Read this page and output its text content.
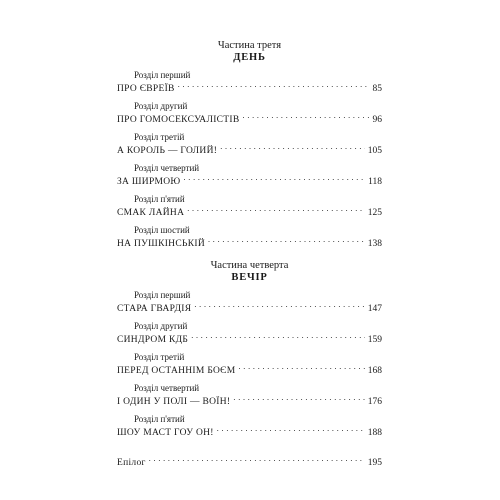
Частина третя
ДЕНЬ
Розділ перший
ПРО ЄВРЕЇВ . . .	85
Розділ другий
ПРО ГОМОСЕКСУАЛІСТІВ . . .	96
Розділ третій
А КОРОЛЬ — ГОЛИЙ! . . .	105
Розділ четвертий
ЗА ШИРМОЮ . . .	118
Розділ п'ятий
СМАК ЛАЙНА . . .	125
Розділ шостий
НА ПУШКІНСЬКІЙ . . .	138
Частина четверта
ВЕЧІР
Розділ перший
СТАРА ГВАРДІЯ . . .	147
Розділ другий
СИНДРОМ КДБ . . .	159
Розділ третій
ПЕРЕД ОСТАННІМ БОЄМ . . .	168
Розділ четвертий
І ОДИН У ПОЛІ — ВОЇН! . . .	176
Розділ п'ятий
ШОУ МАСТ ГОУ ОН! . . .	188
Епілог . . .	195
